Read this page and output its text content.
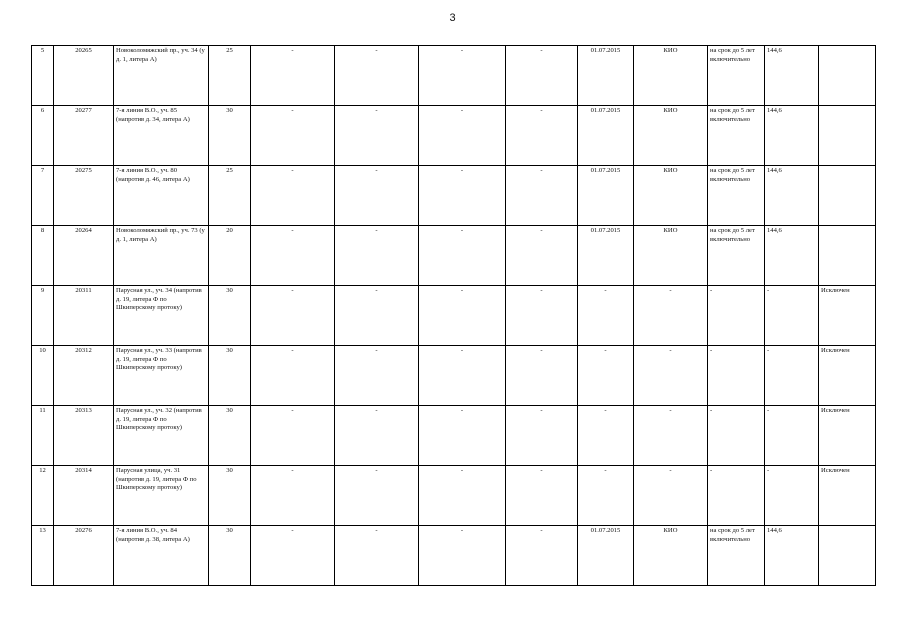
3
5	20265	Новоколомяжский пр., уч. 34 (у д. 1, литера А)	25	-	-	-	-	01.07.2015	КИО	на срок до 5 лет включительно	144,6	
6	20277	7-я линия В.О., уч. 85 (напротив д. 34, литера А)	30	-	-	-	-	01.07.2015	КИО	на срок до 5 лет включительно	144,6	
7	20275	7-я линия В.О., уч. 80 (напротив д. 46, литера А)	25	-	-	-	-	01.07.2015	КИО	на срок до 5 лет включительно	144,6	
8	20264	Новоколомяжский пр., уч. 73 (у д. 1, литера А)	20	-	-	-	-	01.07.2015	КИО	на срок до 5 лет включительно	144,6	
9	20311	Парусная ул., уч. 34 (напротив д. 19, литера Ф по Шкиперскому протоку)	30	-	-	-	-	-	-	-	-	Исключен
10	20312	Парусная ул., уч. 33 (напротив д. 19, литера Ф по Шкиперскому протоку)	30	-	-	-	-	-	-	-	-	Исключен
11	20313	Парусная ул., уч. 32 (напротив д. 19, литера Ф по Шкиперскому протоку)	30	-	-	-	-	-	-	-	-	Исключен
12	20314	Парусная улица, уч. 31 (напротив д. 19, литера Ф по Шкиперскому протоку)	30	-	-	-	-	-	-	-	-	Исключен
13	20276	7-я линия В.О., уч. 84 (напротив д. 38, литера А)	30	-	-	-	-	01.07.2015	КИО	на срок до 5 лет включительно	144,6	
